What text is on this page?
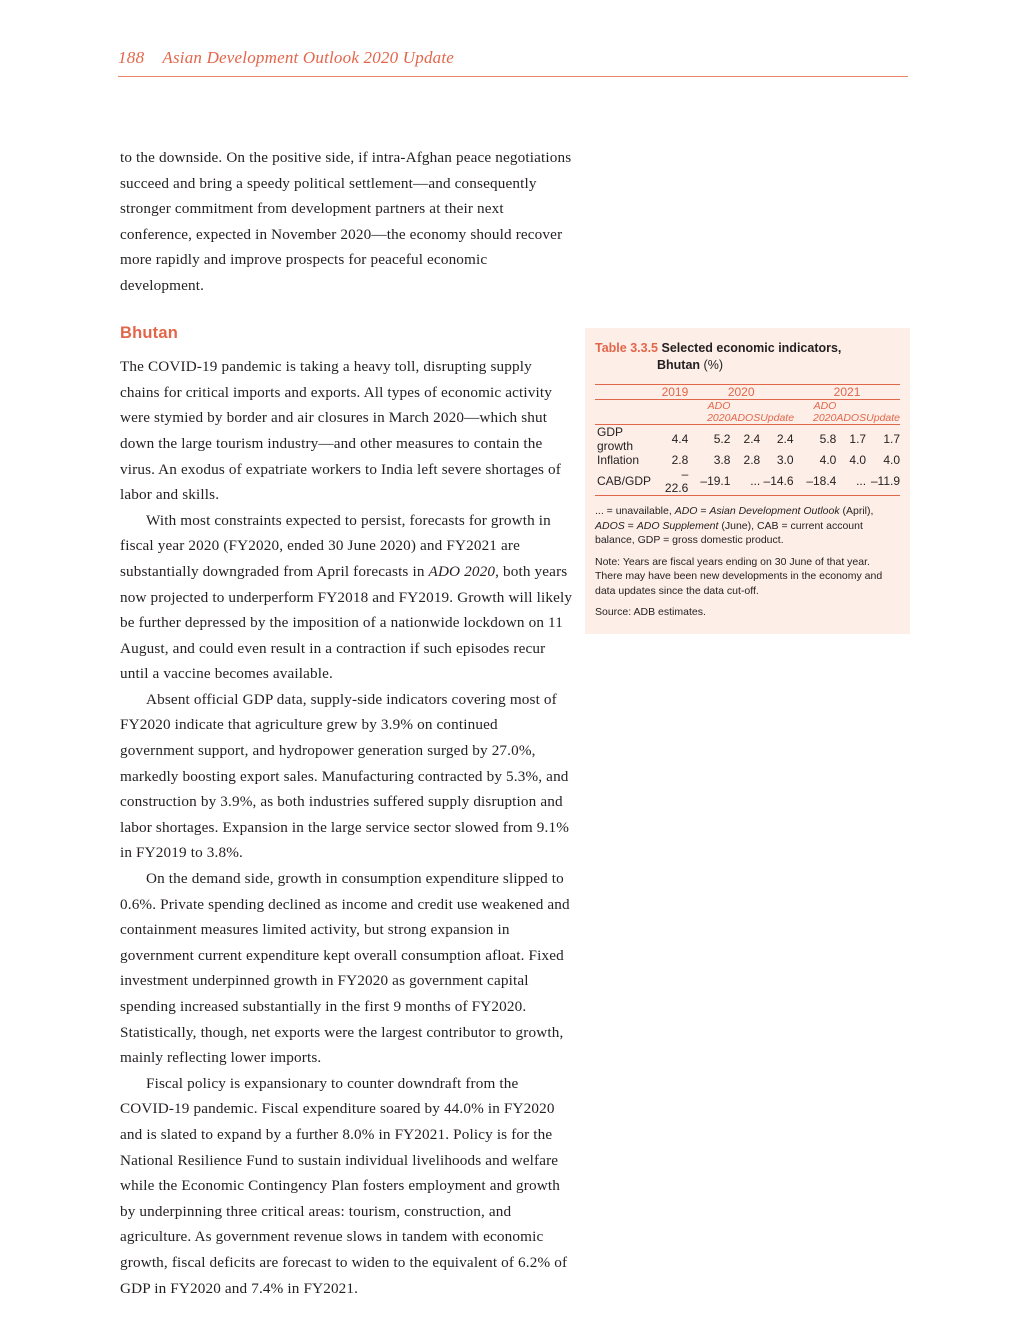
188 Asian Development Outlook 2020 Update

to the downside. On the positive side, if intra-Afghan peace negotiations succeed and bring a speedy political settlement—and consequently stronger commitment from development partners at their next conference, expected in November 2020—the economy should recover more rapidly and improve prospects for peaceful economic development.

Bhutan

The COVID-19 pandemic is taking a heavy toll, disrupting supply chains for critical imports and exports. All types of economic activity were stymied by border and air closures in March 2020—which shut down the large tourism industry—and other measures to contain the virus. An exodus of expatriate workers to India left severe shortages of labor and skills.

With most constraints expected to persist, forecasts for growth in fiscal year 2020 (FY2020, ended 30 June 2020) and FY2021 are substantially downgraded from April forecasts in ADO 2020, both years now projected to underperform FY2018 and FY2019. Growth will likely be further depressed by the imposition of a nationwide lockdown on 11 August, and could even result in a contraction if such episodes recur until a vaccine becomes available.

Absent official GDP data, supply-side indicators covering most of FY2020 indicate that agriculture grew by 3.9% on continued government support, and hydropower generation surged by 27.0%, markedly boosting export sales. Manufacturing contracted by 5.3%, and construction by 3.9%, as both industries suffered supply disruption and labor shortages. Expansion in the large service sector slowed from 9.1% in FY2019 to 3.8%.

On the demand side, growth in consumption expenditure slipped to 0.6%. Private spending declined as income and credit use weakened and containment measures limited activity, but strong expansion in government current expenditure kept overall consumption afloat. Fixed investment underpinned growth in FY2020 as government capital spending increased substantially in the first 9 months of FY2020. Statistically, though, net exports were the largest contributor to growth, mainly reflecting lower imports.

Fiscal policy is expansionary to counter downdraft from the COVID-19 pandemic. Fiscal expenditure soared by 44.0% in FY2020 and is slated to expand by a further 8.0% in FY2021. Policy is for the National Resilience Fund to sustain individual livelihoods and welfare while the Economic Contingency Plan fosters employment and growth by underpinning three critical areas: tourism, construction, and agriculture. As government revenue slows in tandem with economic growth, fiscal deficits are forecast to widen to the equivalent of 6.2% of GDP in FY2020 and 7.4% in FY2021.

Table 3.3.5 Selected economic indicators,
Bhutan (%)
	2019	2020			2021		

		ADO 2020	ADOS	Update	ADO 2020	ADOS	Update
GDP growth	4.4	5.2	2.4	2.4	5.8	1.7	1.7
Inflation	2.8	3.8	2.8	3.0	4.0	4.0	4.0
CAB/GDP	–22.6	–19.1	...	–14.6	–18.4	...	–11.9

... = unavailable, ADO = Asian Development Outlook (April), ADOS = ADO Supplement (June), CAB = current account balance, GDP = gross domestic product.

Note: Years are fiscal years ending on 30 June of that year. There may have been new developments in the economy and data updates since the data cut-off.

Source: ADB estimates.
